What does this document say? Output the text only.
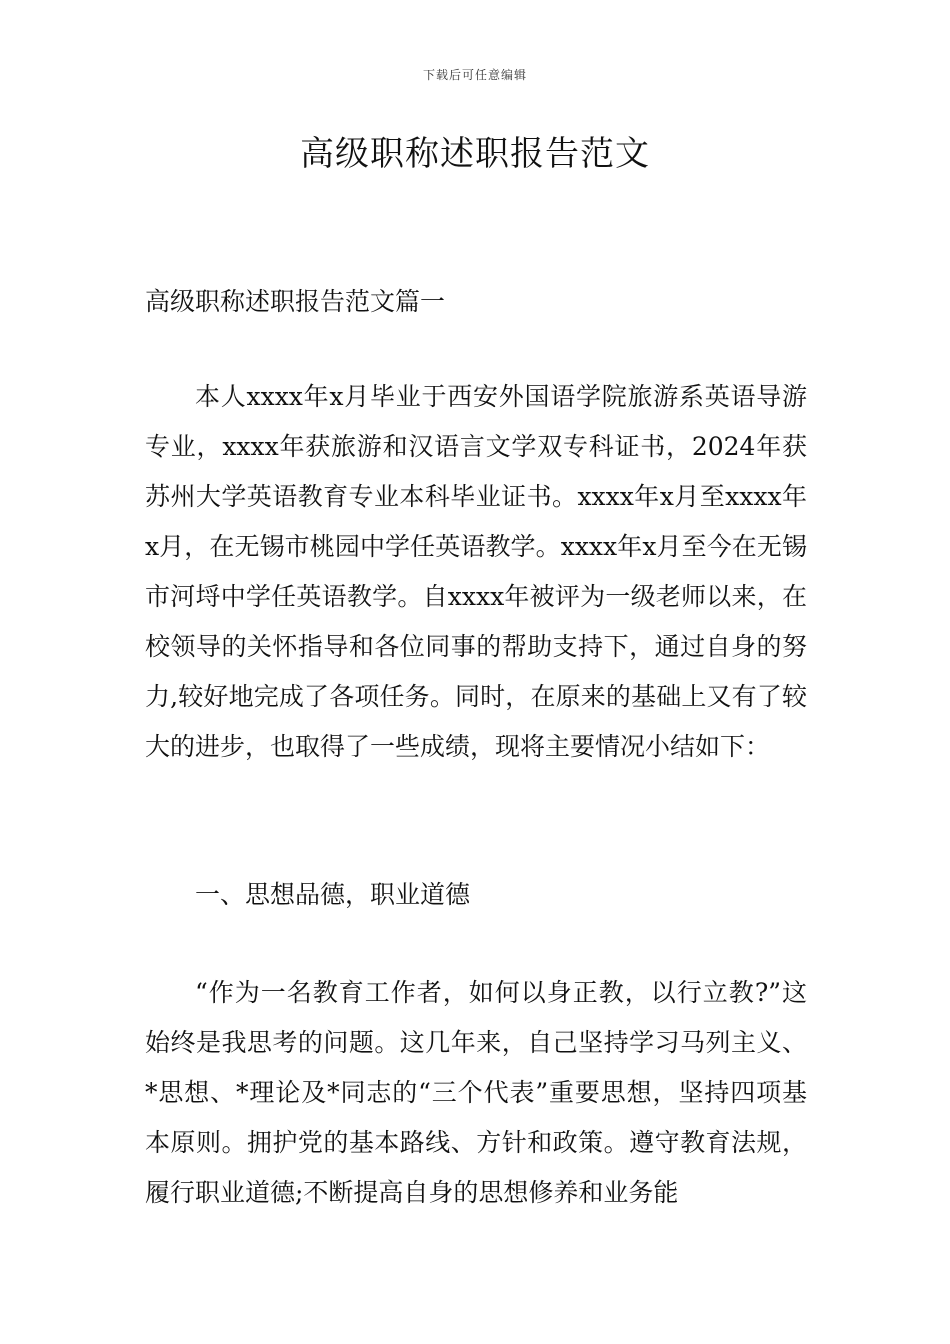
下载后可任意编辑
高级职称述职报告范文

高级职称述职报告范文篇一

本人xxxx年x月毕业于西安外国语学院旅游系英语导游专业，xxxx年获旅游和汉语言文学双专科证书，2024年获苏州大学英语教育专业本科毕业证书。xxxx年x月至xxxx年x月，在无锡市桃园中学任英语教学。xxxx年x月至今在无锡市河埒中学任英语教学。自xxxx年被评为一级老师以来，在校领导的关怀指导和各位同事的帮助支持下，通过自身的努力,较好地完成了各项任务。同时，在原来的基础上又有了较大的进步，也取得了一些成绩，现将主要情况小结如下：

一、思想品德，职业道德

“作为一名教育工作者，如何以身正教，以行立教?”这始终是我思考的问题。这几年来，自己坚持学习马列主义、*思想、*理论及*同志的“三个代表”重要思想，坚持四项基本原则。拥护党的基本路线、方针和政策。遵守教育法规，履行职业道德;不断提高自身的思想修养和业务能
